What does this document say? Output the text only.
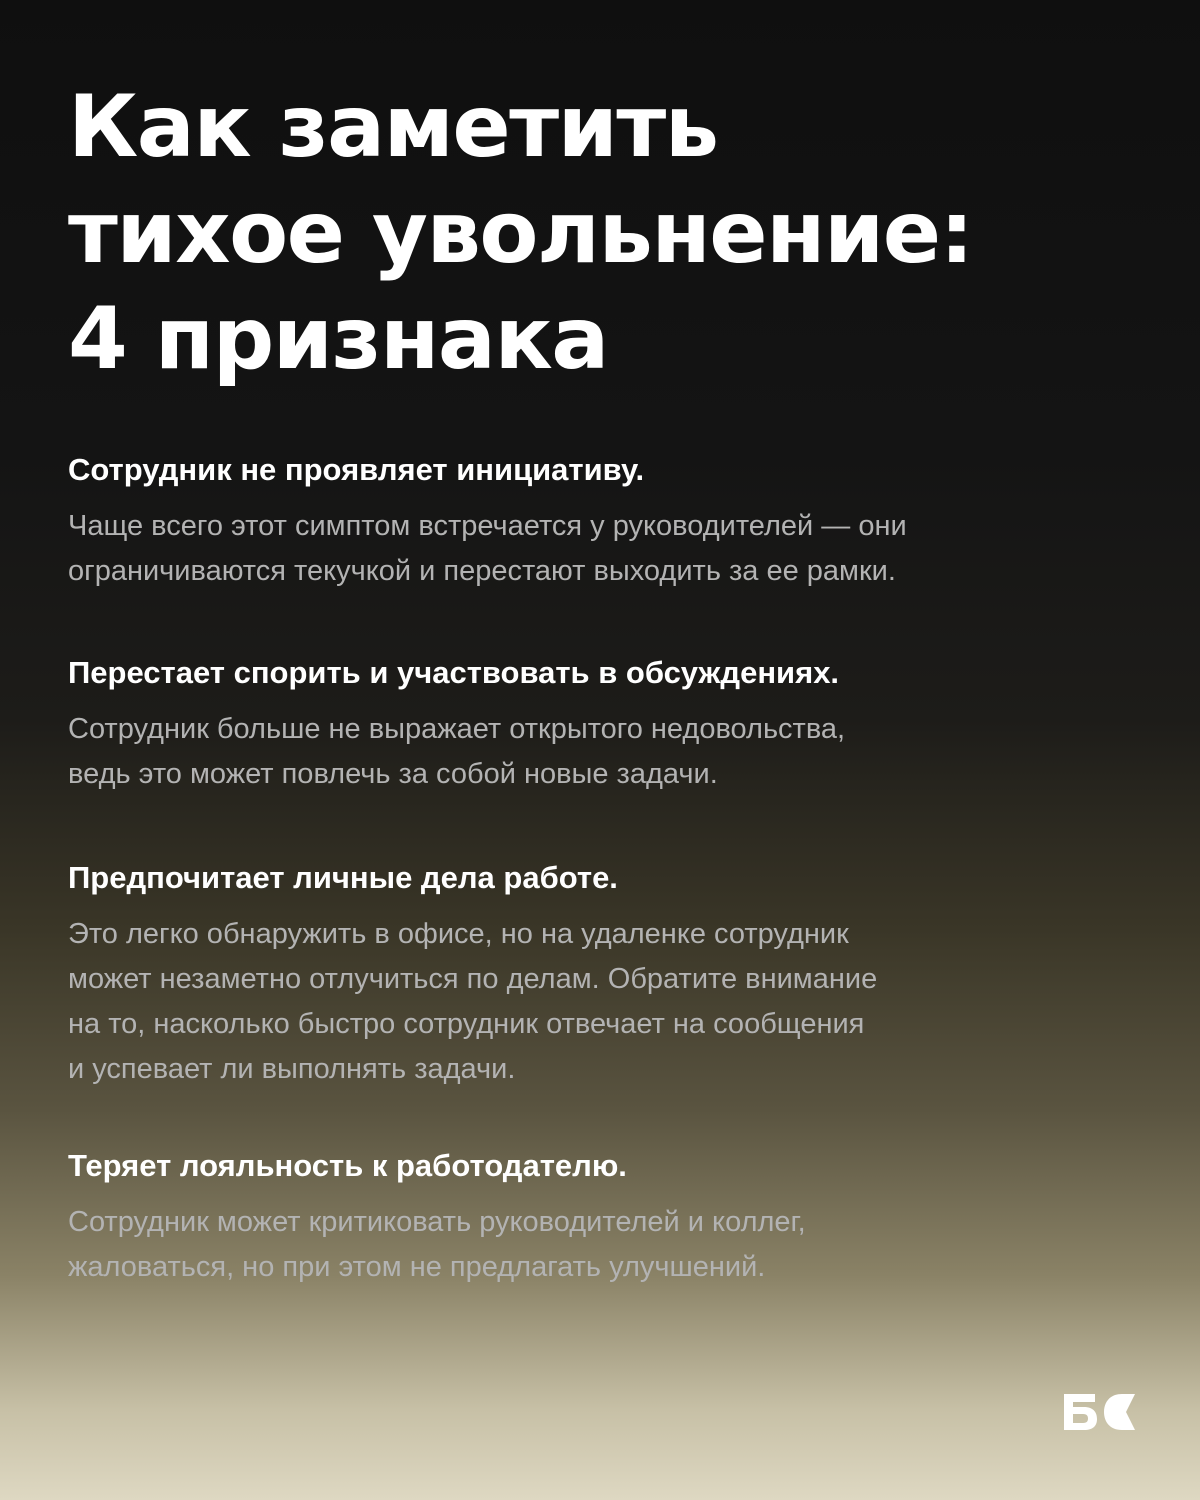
Как заметить
тихое увольнение:
4 признака
Сотрудник не проявляет инициативу.

Чаще всего этот симптом встречается у руководителей — они
ограничиваются текучкой и перестают выходить за ее рамки.

Перестает спорить и участвовать в обсуждениях.

Сотрудник больше не выражает открытого недовольства,
ведь это может повлечь за собой новые задачи.

Предпочитает личные дела работе.

Это легко обнаружить в офисе, но на удаленке сотрудник
может незаметно отлучиться по делам. Обратите внимание
на то, насколько быстро сотрудник отвечает на сообщения
и успевает ли выполнять задачи.

Теряет лояльность к работодателю.

Сотрудник может критиковать руководителей и коллег,
жаловаться, но при этом не предлагать улучшений.
